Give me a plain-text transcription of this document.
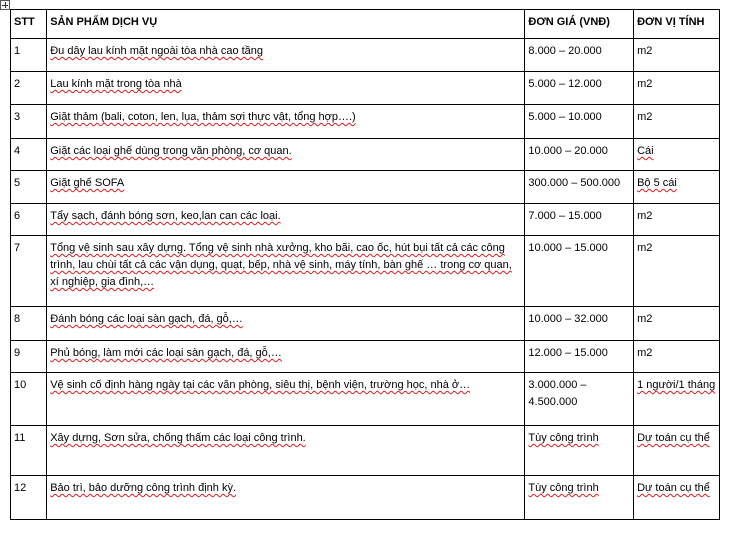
STT	SẢN PHẨM DỊCH VỤ	ĐƠN GIÁ (VNĐ)	ĐƠN VỊ TÍNH
1	Đu dây lau kính mặt ngoài tòa nhà cao tầng	8.000 – 20.000	m2
2	Lau kính mặt trong tòa nhà	5.000 – 12.000	m2
3	Giặt thảm (bali, coton, len, lụa, thảm sợi thực vật, tổng hợp….)	5.000 – 10.000	m2
4	Giặt các loại ghế dùng trong văn phòng, cơ quan.	10.000 – 20.000	Cái
5	Giặt ghế SOFA	300.000 – 500.000	Bộ 5 cái
6	Tẩy sạch, đánh bóng sơn, keo,lan can các loại.	7.000 – 15.000	m2
7	Tổng vệ sinh sau xây dựng. Tổng vệ sinh nhà xưởng, kho bãi, cao ốc, hút bụi tất cả các công trình, lau chùi tất cả các vận dụng, quạt, bếp, nhà vệ sinh, máy tính, bàn ghế … trong cơ quan, xí nghiệp, gia đình,…	10.000 – 15.000	m2
8	Đánh bóng các loại sàn gạch, đá, gỗ,…	10.000 – 32.000	m2
9	Phủ bóng, làm mới các loại sàn gạch, đá, gỗ,…	12.000 – 15.000	m2
10	Vệ sinh cố định hàng ngày tại các văn phòng, siêu thị, bệnh viện, trường học, nhà ở…	3.000.000 – 4.500.000	1 người/1 tháng
11	Xây dựng, Sơn sửa, chống thấm các loại công trình.	Tùy công trình	Dự toán cụ thể
12	Bảo trì, bảo dưỡng công trình định kỳ.	Tùy công trình	Dự toán cụ thể
